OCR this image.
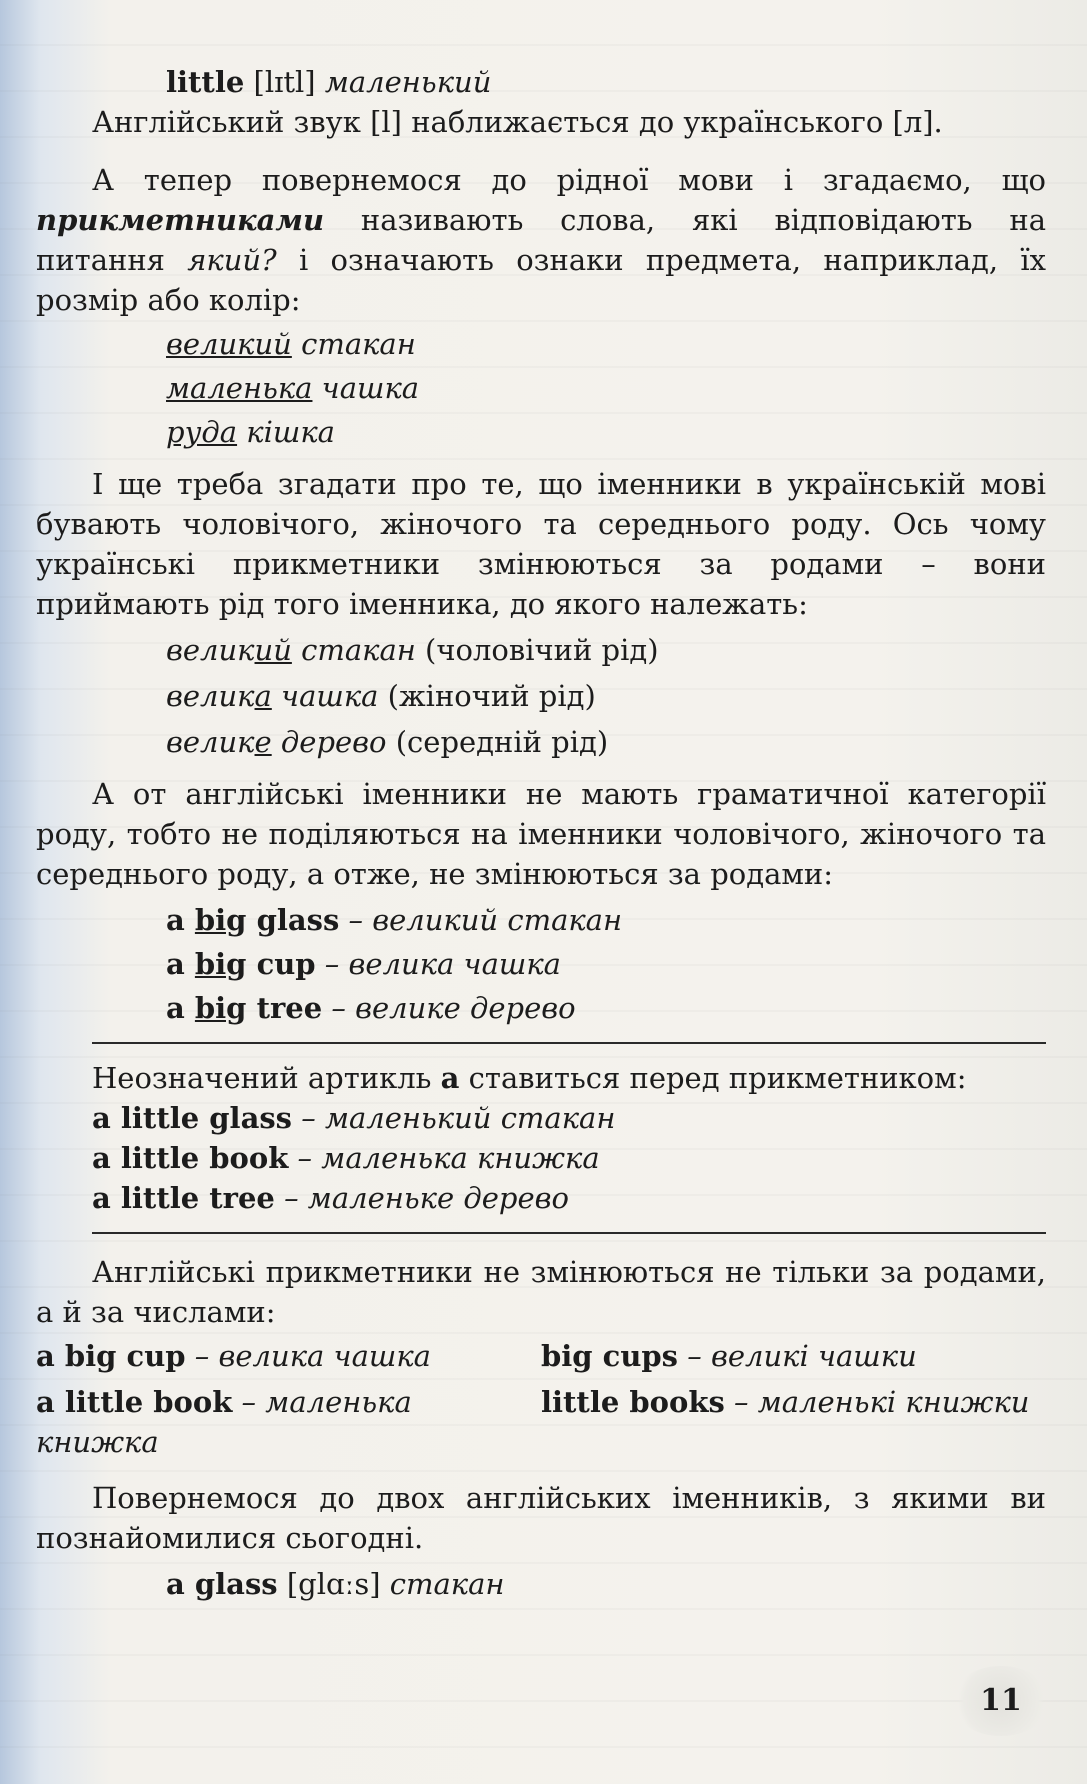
little [lɪtl] маленький
Англійський звук [l] наближається до українського [л].

А тепер повернемося до рідної мови і згадаємо, що прикметниками називають слова, які відповідають на питання який? і означають ознаки предмета, наприклад, їх розмір або колір:

великий стакан
маленька чашка
руда кішка

І ще треба згадати про те, що іменники в українській мові бувають чоловічого, жіночого та середнього роду. Ось чому українські прикметники змінюються за родами – вони приймають рід того іменника, до якого належать:

великий стакан (чоловічий рід)
велика чашка (жіночий рід)
велике дерево (середній рід)

А от англійські іменники не мають граматичної категорії роду, тобто не поділяються на іменники чоловічого, жіночого та середнього роду, а отже, не змінюються за родами:

a big glass – великий стакан
a big cup – велика чашка
a big tree – велике дерево
Неозначений артикль a ставиться перед прикметником:
a little glass – маленький стакан
a little book – маленька книжка
a little tree – маленьке дерево

Англійські прикметники не змінюються не тільки за родами, а й за числами:

a big cup – велика чашка	big cups – великі чашки
a little book – маленька книжка
little books – маленькі книжки

Повернемося до двох англійських іменників, з якими ви познайомилися сьогодні.

a glass [glɑːs] стакан
11
